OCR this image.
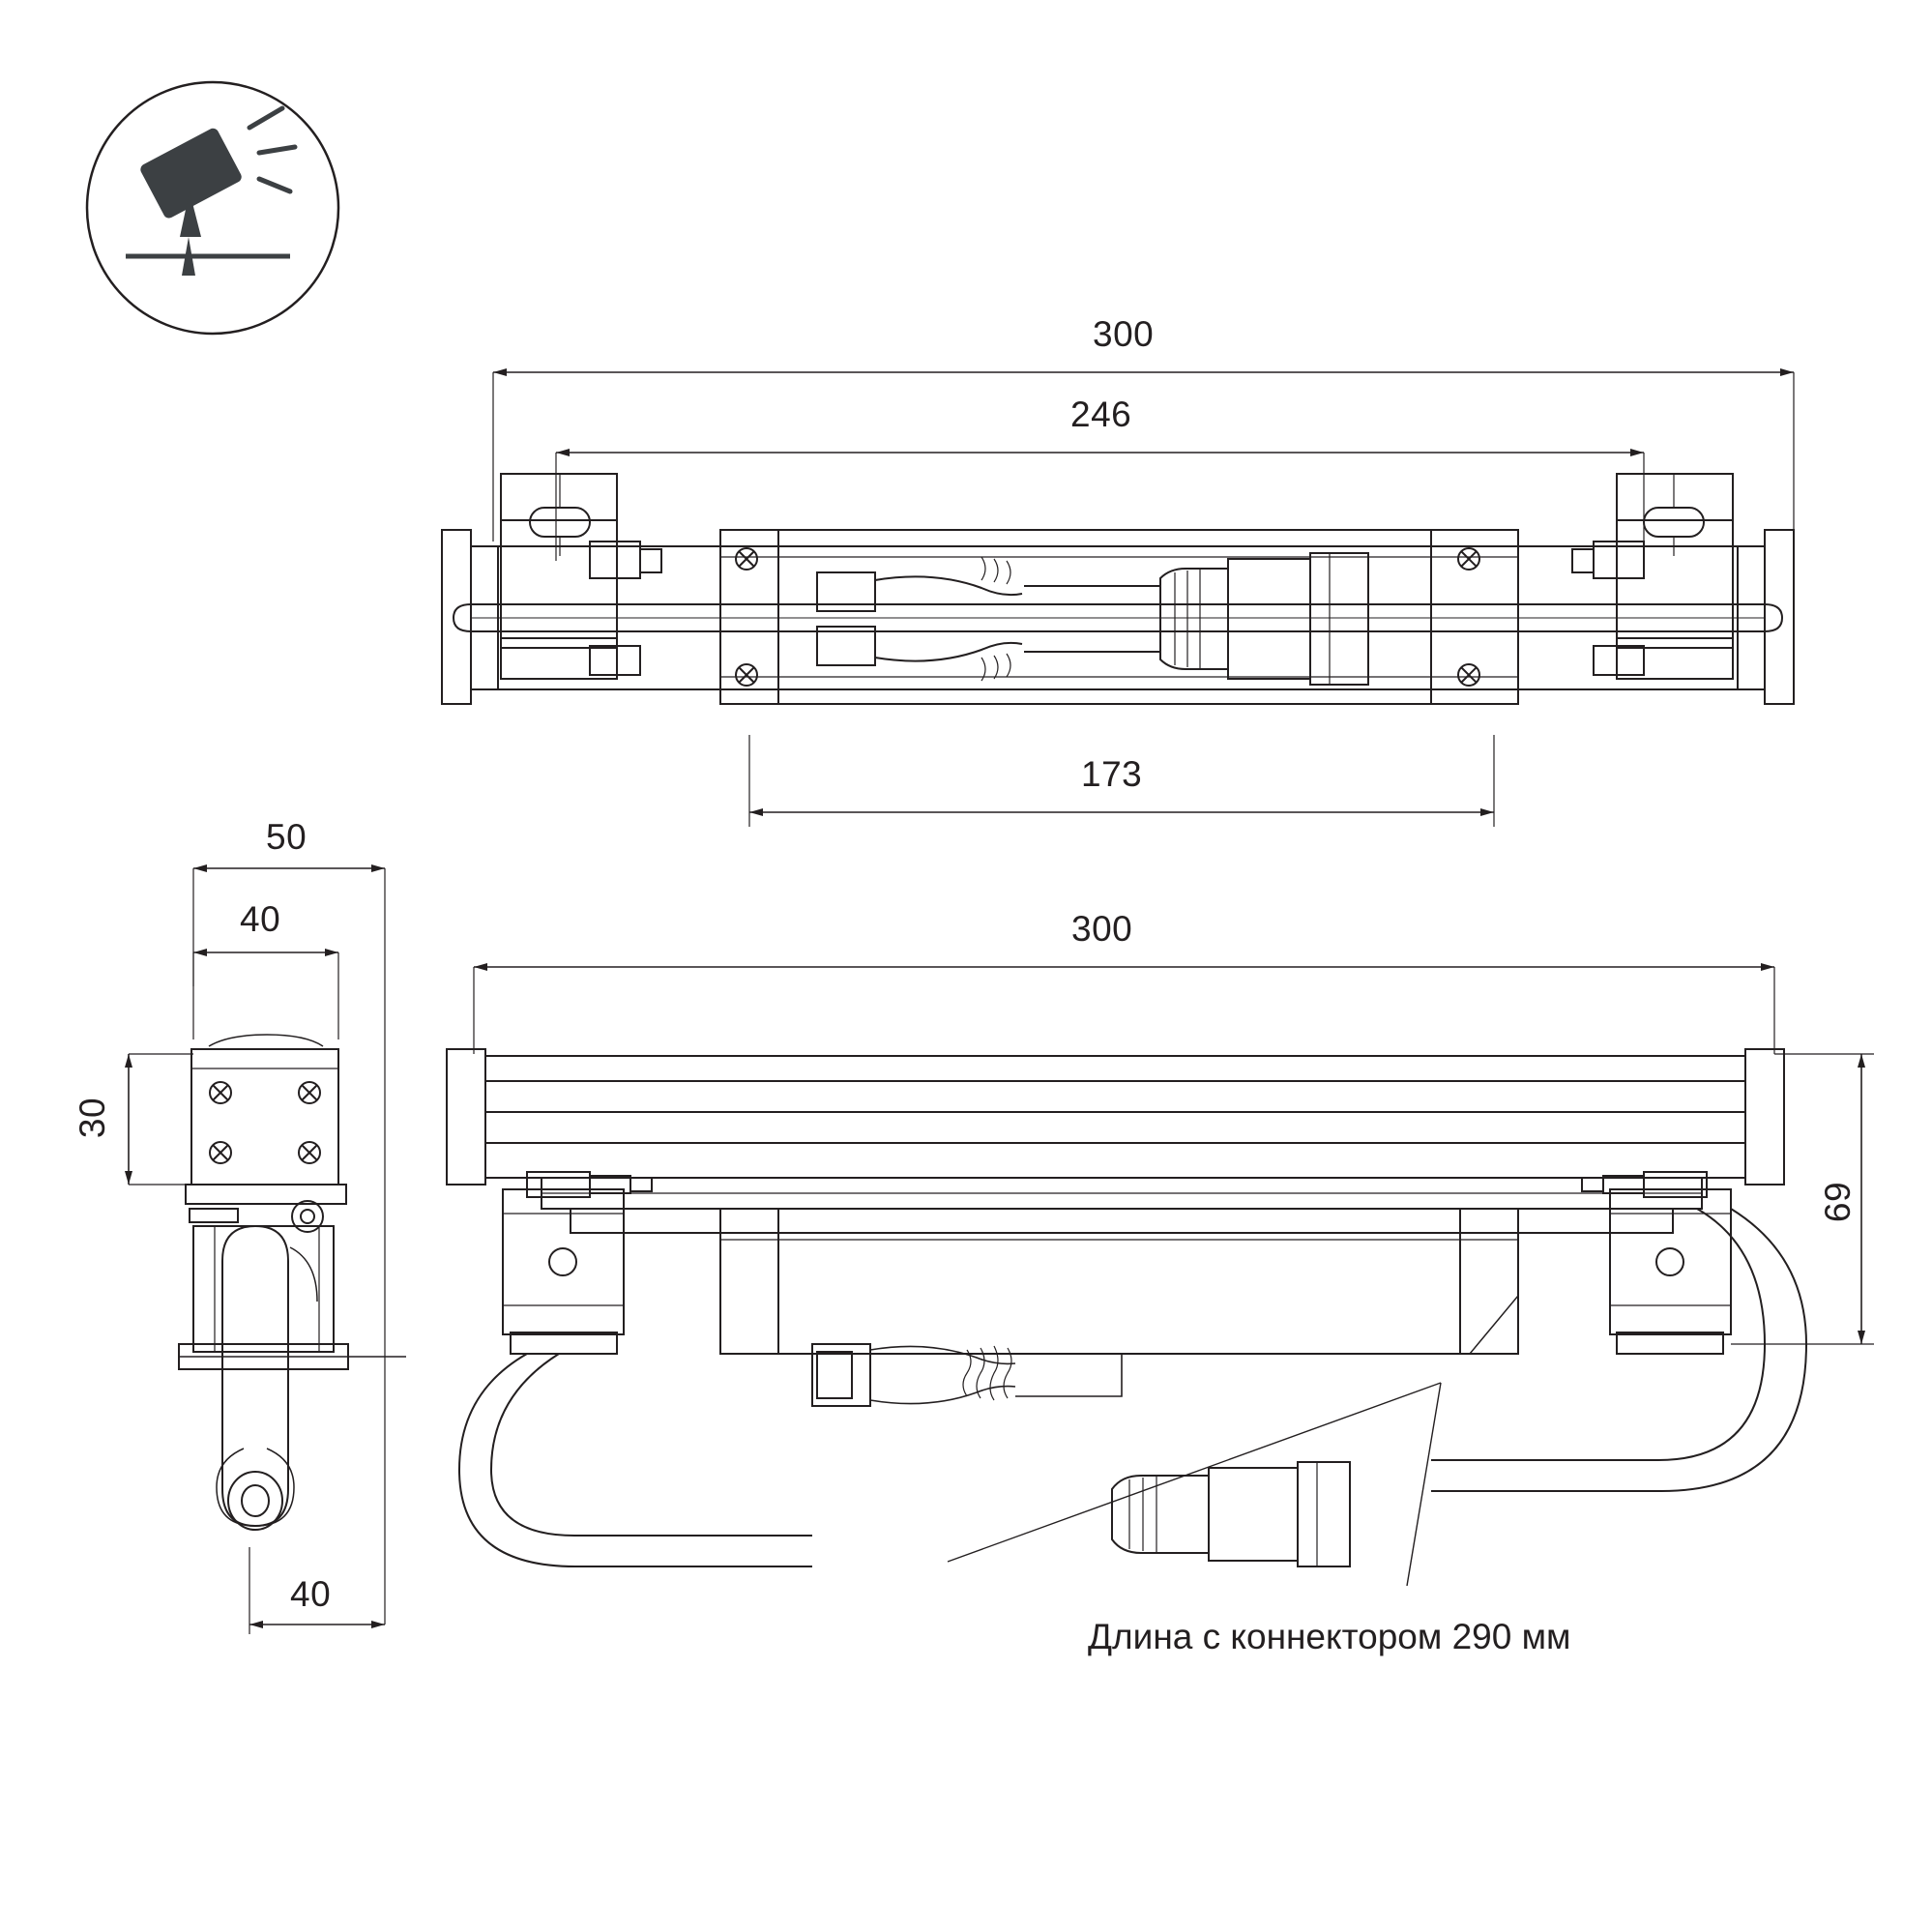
300
246
173
50
40
30
40
300
69
Длина с коннектором 290 мм
